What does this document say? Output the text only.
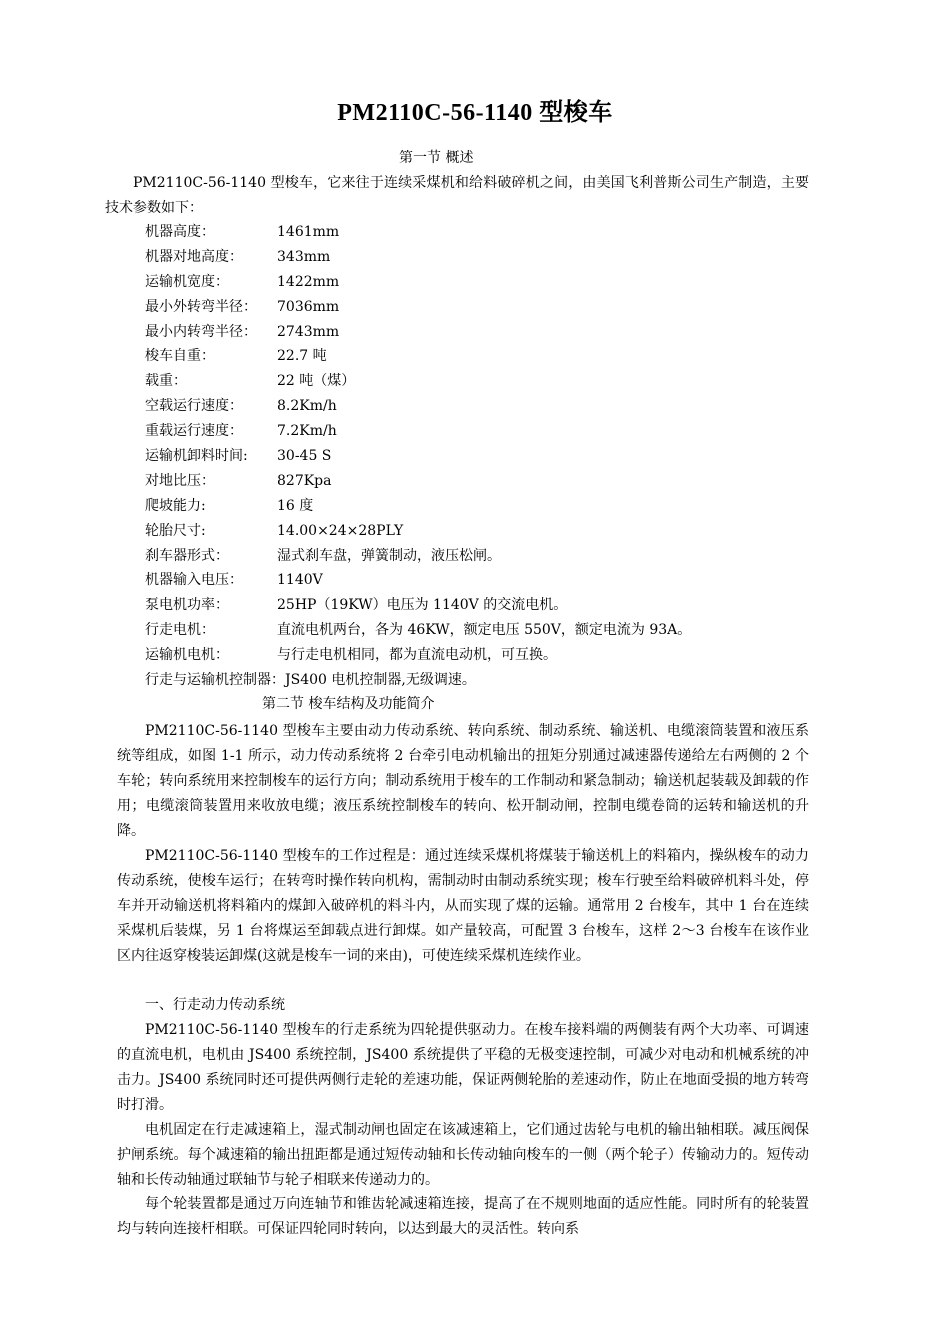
PM2110C-56-1140 型梭车
第一节 概述
PM2110C-56-1140 型梭车，它来往于连续采煤机和给料破碎机之间，由美国飞利普斯公司生产制造，主要技术参数如下：
机器高度：	1461mm
机器对地高度： 343mm
运输机宽度：	1422mm
最小外转弯半径： 7036mm
最小内转弯半径： 2743mm
梭车自重：	22.7 吨
载重：	22 吨（煤）
空载运行速度： 8.2Km/h
重载运行速度： 7.2Km/h
运输机卸料时间: 30-45 S
对地比压：	827Kpa
爬坡能力:	16 度
轮胎尺寸:	14.00×24×28PLY
刹车器形式：	湿式刹车盘，弹簧制动，液压松闸。
机器输入电压： 1140V
泵电机功率：	25HP（19KW）电压为 1140V 的交流电机。
行走电机：	直流电机两台，各为 46KW，额定电压 550V，额定电流为 93A。
运输机电机：	与行走电机相同，都为直流电动机，可互换。
行走与运输机控制器：JS400 电机控制器,无级调速。
第二节 梭车结构及功能简介
PM2110C-56-1140 型梭车主要由动力传动系统、转向系统、制动系统、输送机、电缆滚筒装置和液压系统等组成，如图 1-1 所示，动力传动系统将 2 台牵引电动机输出的扭矩分别通过减速器传递给左右两侧的 2 个车轮；转向系统用来控制梭车的运行方向；制动系统用于梭车的工作制动和紧急制动；输送机起装载及卸载的作用；电缆滚筒装置用来收放电缆；液压系统控制梭车的转向、松开制动闸，控制电缆卷筒的运转和输送机的升降。
PM2110C-56-1140 型梭车的工作过程是：通过连续采煤机将煤装于输送机上的料箱内，操纵梭车的动力传动系统，使梭车运行；在转弯时操作转向机构，需制动时由制动系统实现；梭车行驶至给料破碎机料斗处，停车并开动输送机将料箱内的煤卸入破碎机的料斗内，从而实现了煤的运输。通常用 2 台梭车，其中 1 台在连续采煤机后装煤，另 1 台将煤运至卸载点进行卸煤。如产量较高，可配置 3 台梭车，这样 2～3 台梭车在该作业区内往返穿梭装运卸煤(这就是梭车一词的来由)，可使连续采煤机连续作业。
一、行走动力传动系统
PM2110C-56-1140 型梭车的行走系统为四轮提供驱动力。在梭车接料端的两侧装有两个大功率、可调速的直流电机，电机由 JS400 系统控制，JS400 系统提供了平稳的无极变速控制，可减少对电动和机械系统的冲击力。JS400 系统同时还可提供两侧行走轮的差速功能，保证两侧轮胎的差速动作，防止在地面受损的地方转弯时打滑。
电机固定在行走减速箱上，湿式制动闸也固定在该减速箱上，它们通过齿轮与电机的输出轴相联。减压阀保护闸系统。每个减速箱的输出扭距都是通过短传动轴和长传动轴向梭车的一侧（两个轮子）传输动力的。短传动轴和长传动轴通过联轴节与轮子相联来传递动力的。
每个轮装置都是通过万向连轴节和锥齿轮减速箱连接，提高了在不规则地面的适应性能。同时所有的轮装置均与转向连接杆相联。可保证四轮同时转向，以达到最大的灵活性。转向系
